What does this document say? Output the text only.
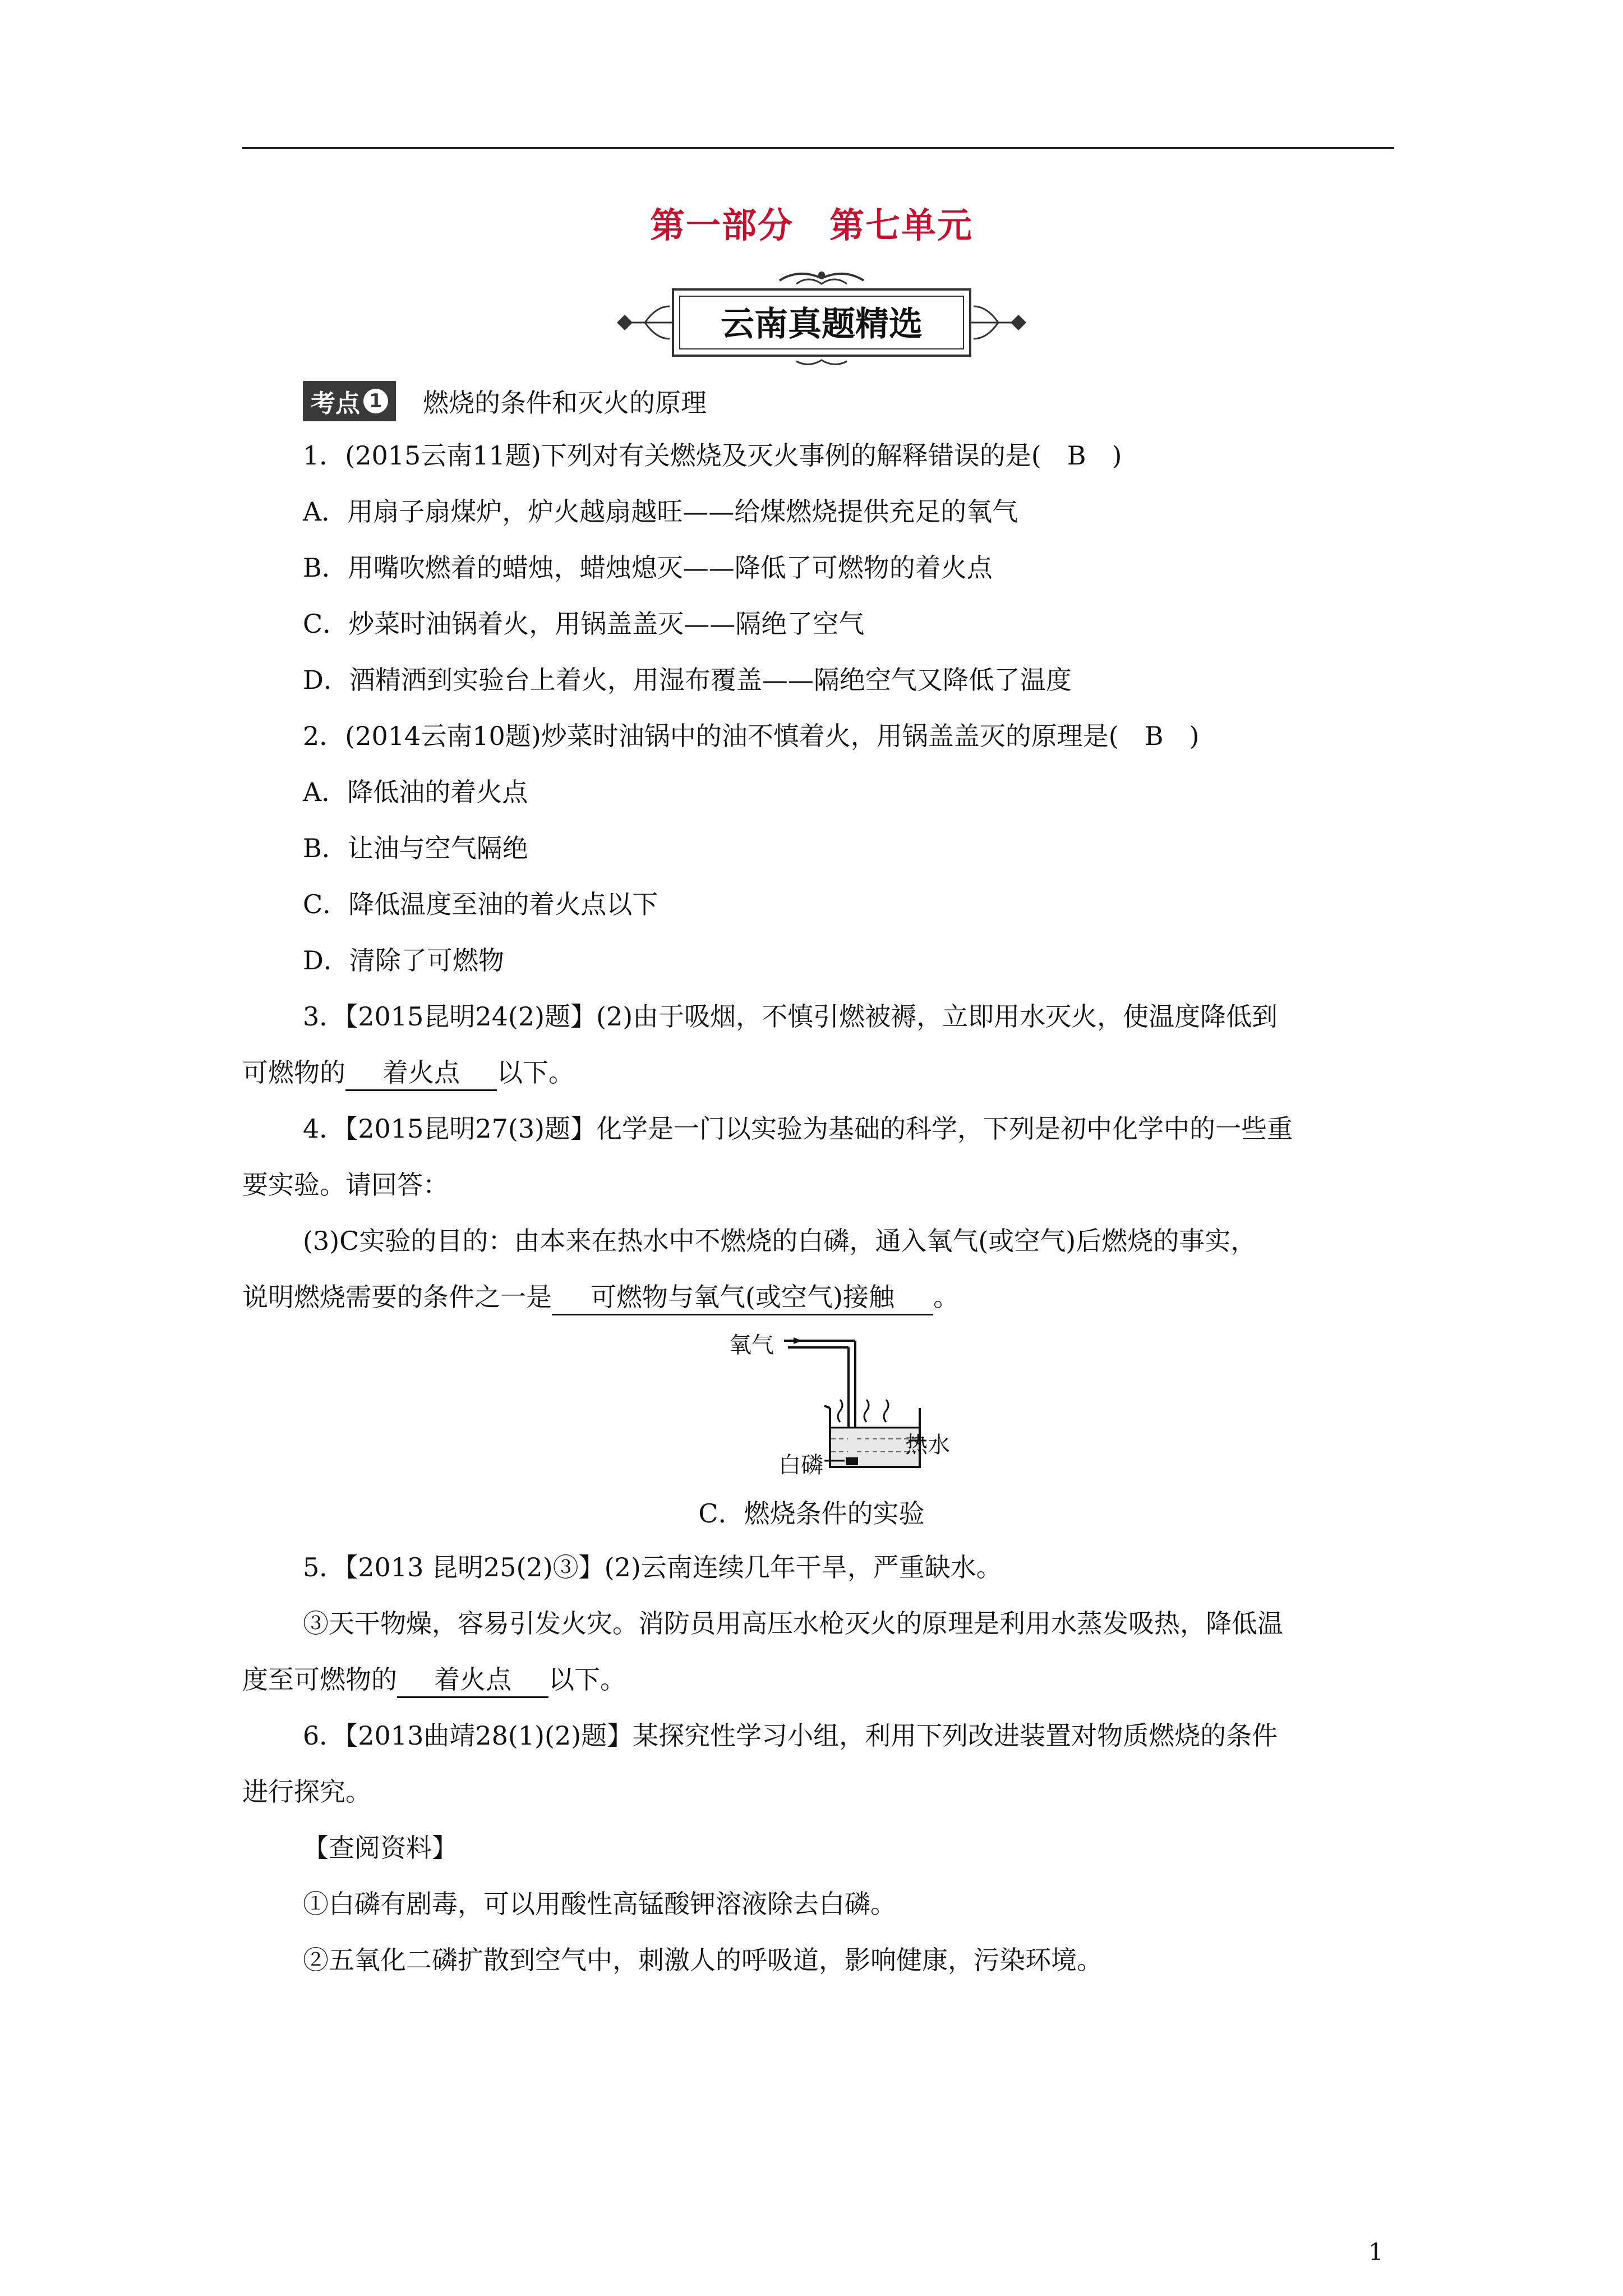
第一部分　第七单元
云南真题精选
考点 1 燃烧的条件和灭火的原理
1．(2015云南11题)下列对有关燃烧及灭火事例的解释错误的是(　B　)
A．用扇子扇煤炉，炉火越扇越旺——给煤燃烧提供充足的氧气
B．用嘴吹燃着的蜡烛，蜡烛熄灭——降低了可燃物的着火点
C．炒菜时油锅着火，用锅盖盖灭——隔绝了空气
D．酒精洒到实验台上着火，用湿布覆盖——隔绝空气又降低了温度
2．(2014云南10题)炒菜时油锅中的油不慎着火，用锅盖盖灭的原理是(　B　)
A．降低油的着火点
B．让油与空气隔绝
C．降低温度至油的着火点以下
D．清除了可燃物
3．【2015昆明24(2)题】(2)由于吸烟，不慎引燃被褥，立即用水灭火，使温度降低到
可燃物的 着火点 以下。
4．【2015昆明27(3)题】化学是一门以实验为基础的科学，下列是初中化学中的一些重
要实验。请回答：
(3)C实验的目的：由本来在热水中不燃烧的白磷，通入氧气(或空气)后燃烧的事实，
说明燃烧需要的条件之一是 可燃物与氧气(或空气)接触 。
氧气
热水
白磷
C．燃烧条件的实验
5．【2013 昆明25(2)③】(2)云南连续几年干旱，严重缺水。
③天干物燥，容易引发火灾。消防员用高压水枪灭火的原理是利用水蒸发吸热，降低温
度至可燃物的 着火点 以下。
6．【2013曲靖28(1)(2)题】某探究性学习小组，利用下列改进装置对物质燃烧的条件
进行探究。
【查阅资料】
①白磷有剧毒，可以用酸性高锰酸钾溶液除去白磷。
②五氧化二磷扩散到空气中，刺激人的呼吸道，影响健康，污染环境。
1
